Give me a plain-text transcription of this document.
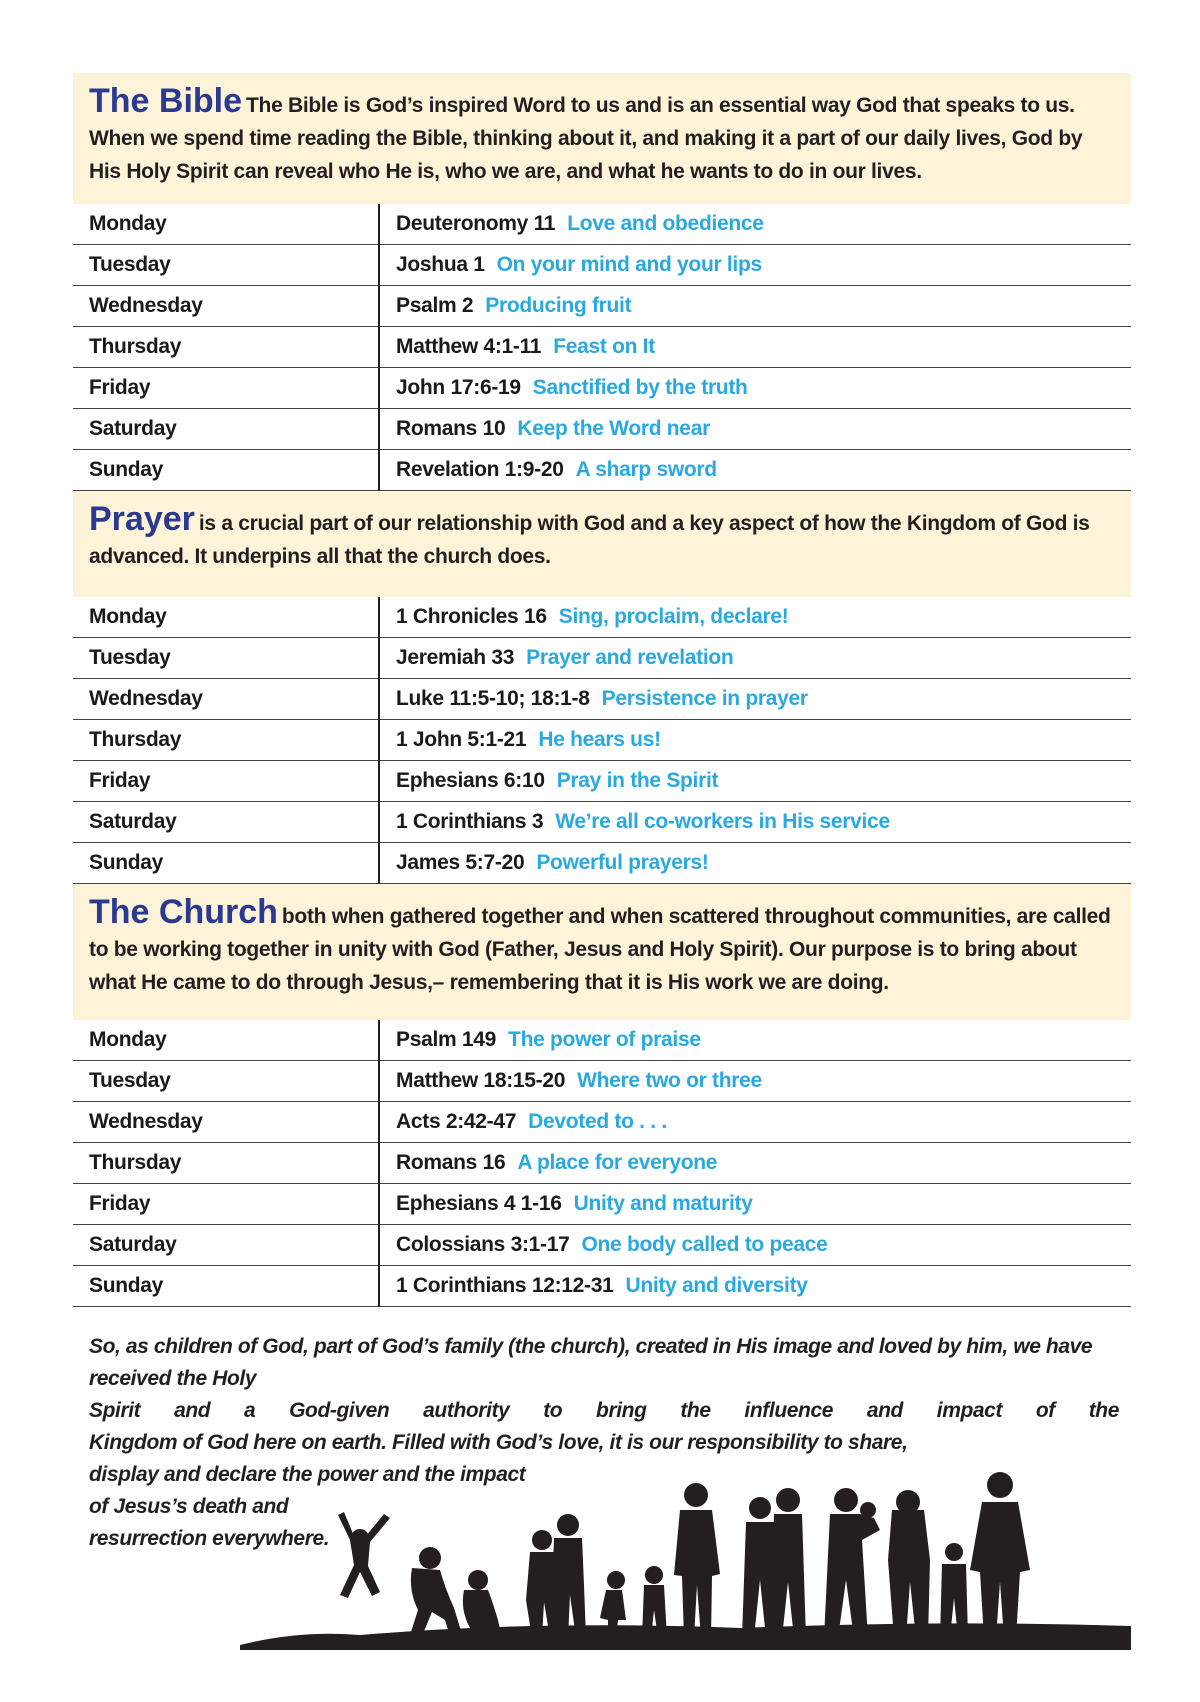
The Bible The Bible is God’s inspired Word to us and is an essential way God that speaks to us. When we spend time reading the Bible, thinking about it, and making it a part of our daily lives, God by His Holy Spirit can reveal who He is, who we are, and what he wants to do in our lives.

Monday	Deuteronomy 11 Love and obedience
Tuesday	Joshua 1 On your mind and your lips
Wednesday	Psalm 2 Producing fruit
Thursday	Matthew 4:1-11 Feast on It
Friday	John 17:6-19 Sanctified by the truth
Saturday	Romans 10 Keep the Word near
Sunday	Revelation 1:9-20 A sharp sword

Prayer is a crucial part of our relationship with God and a key aspect of how the Kingdom of God is advanced. It underpins all that the church does.

Monday	1 Chronicles 16 Sing, proclaim, declare!
Tuesday	Jeremiah 33 Prayer and revelation
Wednesday	Luke 11:5-10; 18:1-8 Persistence in prayer
Thursday	1 John 5:1-21 He hears us!
Friday	Ephesians 6:10 Pray in the Spirit
Saturday	1 Corinthians 3 We’re all co-workers in His service
Sunday	James 5:7-20 Powerful prayers!

The Church both when gathered together and when scattered throughout communities, are called to be working together in unity with God (Father, Jesus and Holy Spirit). Our purpose is to bring about what He came to do through Jesus,– remembering that it is His work we are doing.

Monday	Psalm 149 The power of praise
Tuesday	Matthew 18:15-20 Where two or three
Wednesday	Acts 2:42-47 Devoted to . . .
Thursday	Romans 16 A place for everyone
Friday	Ephesians 4 1-16 Unity and maturity
Saturday	Colossians 3:1-17 One body called to peace
Sunday	1 Corinthians 12:12-31 Unity and diversity
So, as children of God, part of God’s family (the church), created in His image and loved by him, we have received the Holy
Spirit and a God-given authority to bring the influence and impact of the
Kingdom of God here on earth. Filled with God’s love, it is our responsibility to share,
display and declare the power and the impact
of Jesus’s death and
resurrection everywhere.
